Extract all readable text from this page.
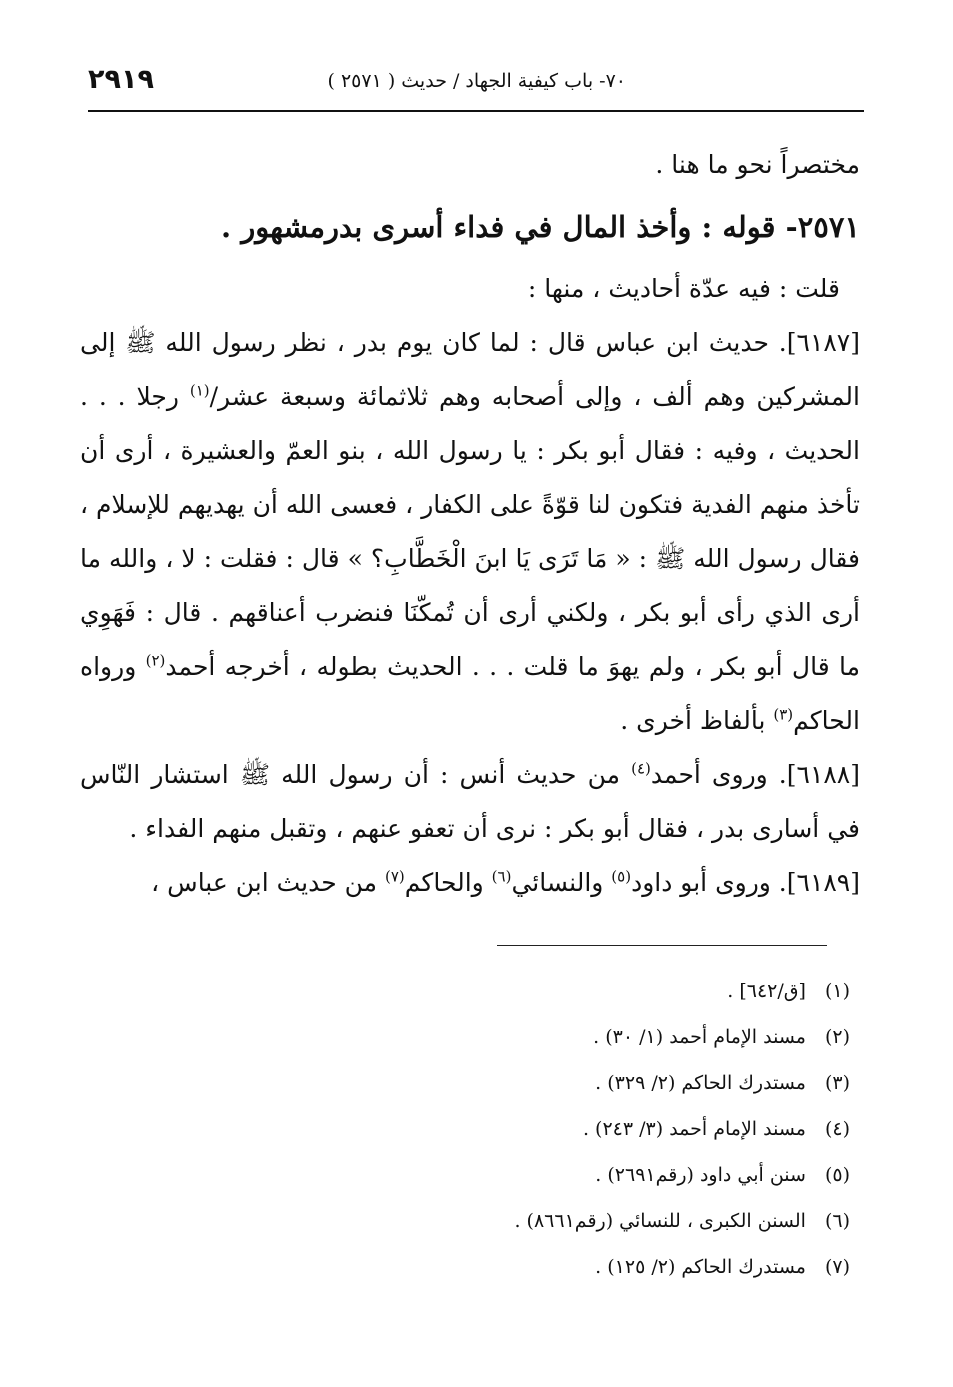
٢٩١٩	٧٠- باب كيفية الجهاد / حديث ( ٢٥٧١ )

مختصراً نحو ما هنا .

٢٥٧١- قوله : وأخذ المال في فداء أسرى بدرمشهور .

قلت : فيه عدّة أحاديث ، منها :

[٦١٨٧]. حديث ابن عباس قال : لما كان يوم بدر ، نظر رسول الله ﷺ إلى المشركين وهم ألف ، وإلى أصحابه وهم ثلاثمائة وسبعة عشر/$^{(١)}$ رجلا . . . الحديث ، وفيه : فقال أبو بكر : يا رسول الله ، بنو العمّ والعشيرة ، أرى أن تأخذ منهم الفدية فتكون لنا قوّةً على الكفار ، فعسى الله أن يهديهم للإسلام ، فقال رسول الله ﷺ : « مَا تَرَى يَا ابنَ الْخَطَّابِ؟ » قال : فقلت : لا ، والله ما أرى الذي رأى أبو بكر ، ولكني أرى أن تُمكّنَا فنضرب أعناقهم . قال : فَهَوِي ما قال أبو بكر ، ولم يهوَ ما قلت . . . الحديث بطوله ، أخرجه أحمد$^{(٢)}$ ورواه الحاكم$^{(٣)}$ بألفاظ أخرى .

[٦١٨٨]. وروى أحمد$^{(٤)}$ من حديث أنس : أن رسول الله ﷺ استشار النّاس في أسارى بدر ، فقال أبو بكر : نرى أن تعفو عنهم ، وتقبل منهم الفداء .

[٦١٨٩]. وروى أبو داود$^{(٥)}$ والنسائي$^{(٦)}$ والحاكم$^{(٧)}$ من حديث ابن عباس ،

(١) [ق/٦٤٢] .
(٢) مسند الإمام أحمد (١/ ٣٠) .
(٣) مستدرك الحاكم (٢/ ٣٢٩) .
(٤) مسند الإمام أحمد (٣/ ٢٤٣) .
(٥) سنن أبي داود (رقم٢٦٩١) .
(٦) السنن الكبرى ، للنسائي (رقم٨٦٦١) .
(٧) مستدرك الحاكم (٢/ ١٢٥) .
